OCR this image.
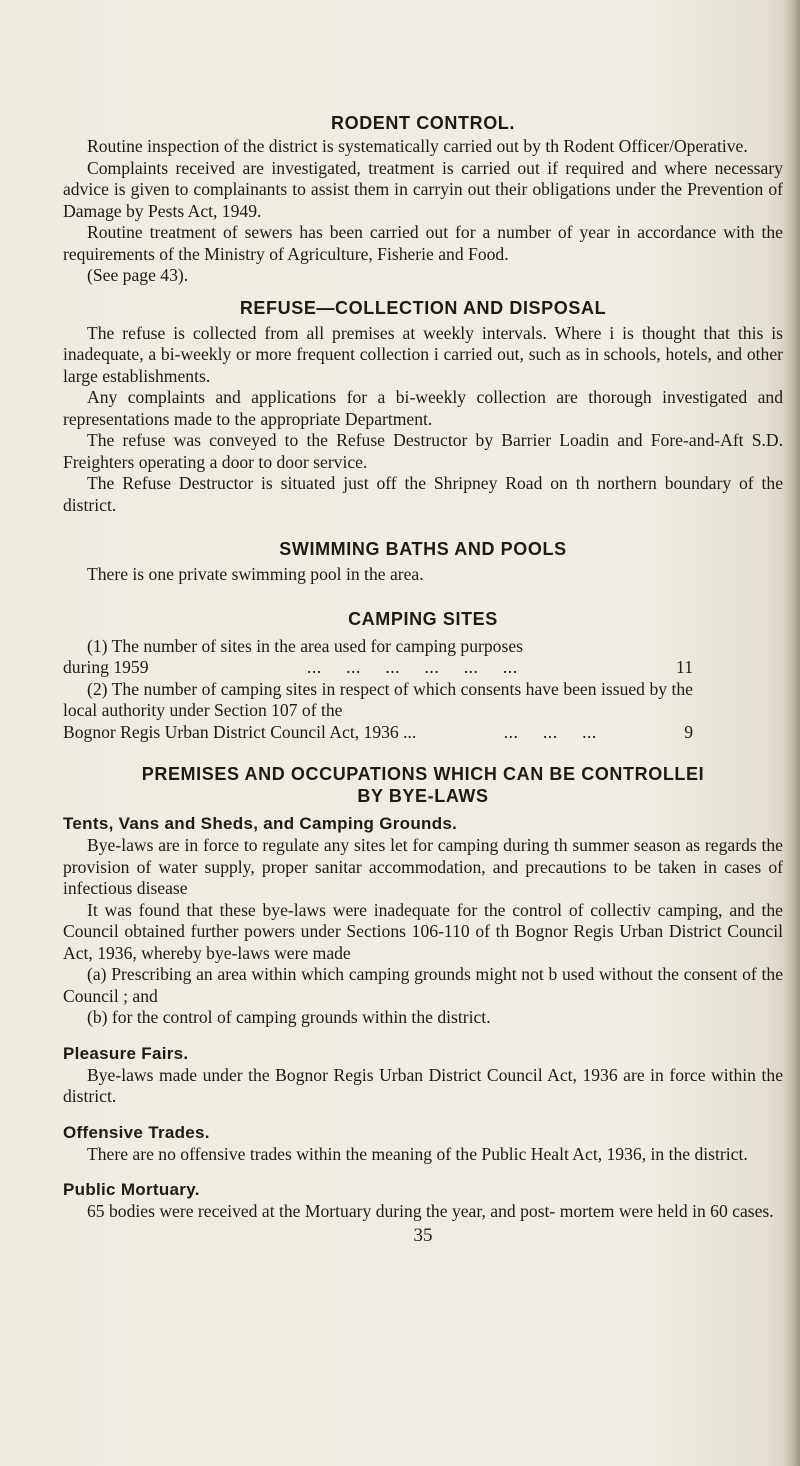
RODENT CONTROL.

Routine inspection of the district is systematically carried out by th Rodent Officer/Operative.

Complaints received are investigated, treatment is carried out if required and where necessary advice is given to complainants to assist them in carryin out their obligations under the Prevention of Damage by Pests Act, 1949.

Routine treatment of sewers has been carried out for a number of year in accordance with the requirements of the Ministry of Agriculture, Fisherie and Food.

(See page 43).

REFUSE—COLLECTION AND DISPOSAL

The refuse is collected from all premises at weekly intervals. Where i is thought that this is inadequate, a bi-weekly or more frequent collection i carried out, such as in schools, hotels, and other large establishments.

Any complaints and applications for a bi-weekly collection are thorough investigated and representations made to the appropriate Department.

The refuse was conveyed to the Refuse Destructor by Barrier Loadin and Fore-and-Aft S.D. Freighters operating a door to door service.

The Refuse Destructor is situated just off the Shripney Road on th northern boundary of the district.

SWIMMING BATHS AND POOLS

There is one private swimming pool in the area.

CAMPING SITES

(1) The number of sites in the area used for camping purposes

during 1959	...     ...     ...     ...     ...     ...	11

(2) The number of camping sites in respect of which consents have been issued by the local authority under Section 107 of the

Bognor Regis Urban District Council Act, 1936 ...	...     ...     ...	9
PREMISES AND OCCUPATIONS WHICH CAN BE CONTROLLEI
BY BYE-LAWS
Tents, Vans and Sheds, and Camping Grounds.

Bye-laws are in force to regulate any sites let for camping during th summer season as regards the provision of water supply, proper sanitar accommodation, and precautions to be taken in cases of infectious disease

It was found that these bye-laws were inadequate for the control of collectiv camping, and the Council obtained further powers under Sections 106-110 of th Bognor Regis Urban District Council Act, 1936, whereby bye-laws were made

(a) Prescribing an area within which camping grounds might not b used without the consent of the Council ; and

(b) for the control of camping grounds within the district.

Pleasure Fairs.

Bye-laws made under the Bognor Regis Urban District Council Act, 1936 are in force within the district.

Offensive Trades.

There are no offensive trades within the meaning of the Public Healt Act, 1936, in the district.

Public Mortuary.

65 bodies were received at the Mortuary during the year, and post- mortem were held in 60 cases.

35
